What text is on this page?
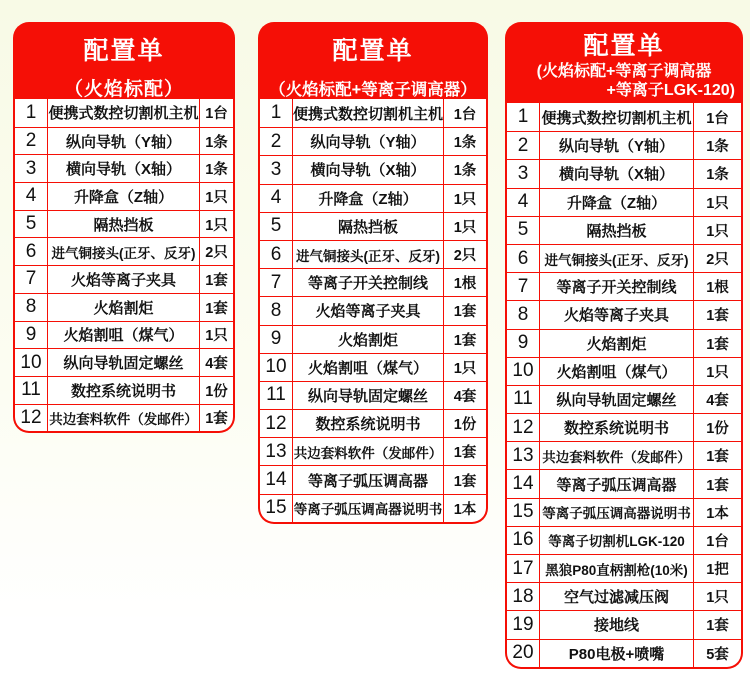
配置单
（火焰标配）
1 便携式数控切割机主机 1台
2	纵向导轨（Y轴）	1条
3	横向导轨（X轴）	1条
4	升降盒（Z轴）	1只
5	隔热挡板	1只
6	进气铜接头(正牙、反牙) 2只
7	火焰等离子夹具	1套
8	火焰割炬	1套
9	火焰割咀（煤气）	1只
10	纵向导轨固定螺丝	4套
11	数控系统说明书	1份
12 共边套料软件（发邮件） 1套
配置单
（火焰标配+等离子调高器）
1 便携式数控切割机主机 1台
2	纵向导轨（Y轴）	1条
3	横向导轨（X轴）	1条
4	升降盒（Z轴）	1只
5	隔热挡板	1只
6	进气铜接头(正牙、反牙) 2只
7	等离子开关控制线	1根
8	火焰等离子夹具	1套
9	火焰割炬	1套
10	火焰割咀（煤气）	1只
11	纵向导轨固定螺丝	4套
12	数控系统说明书	1份
13 共边套料软件（发邮件） 1套
14	等离子弧压调高器	1套
15 等离子弧压调高器说明书 1本
配置单
(火焰标配+等离子调高器
+等离子LGK-120)
1 便携式数控切割机主机	1台
2	纵向导轨（Y轴）	1条
3	横向导轨（X轴）	1条
4	升降盒（Z轴）	1只
5	隔热挡板	1只
6	进气铜接头(正牙、反牙)	2只
7	等离子开关控制线	1根
8	火焰等离子夹具	1套
9	火焰割炬	1套
10	火焰割咀（煤气）	1只
11	纵向导轨固定螺丝	4套
12	数控系统说明书	1份
13 共边套料软件（发邮件）	1套
14	等离子弧压调高器	1套
15 等离子弧压调高器说明书	1本
16	等离子切割机LGK-120	1台
17 黑狼P80直柄割枪(10米)	1把
18	空气过滤减压阀	1只
19	接地线	1套
20	P80电极+喷嘴	5套
